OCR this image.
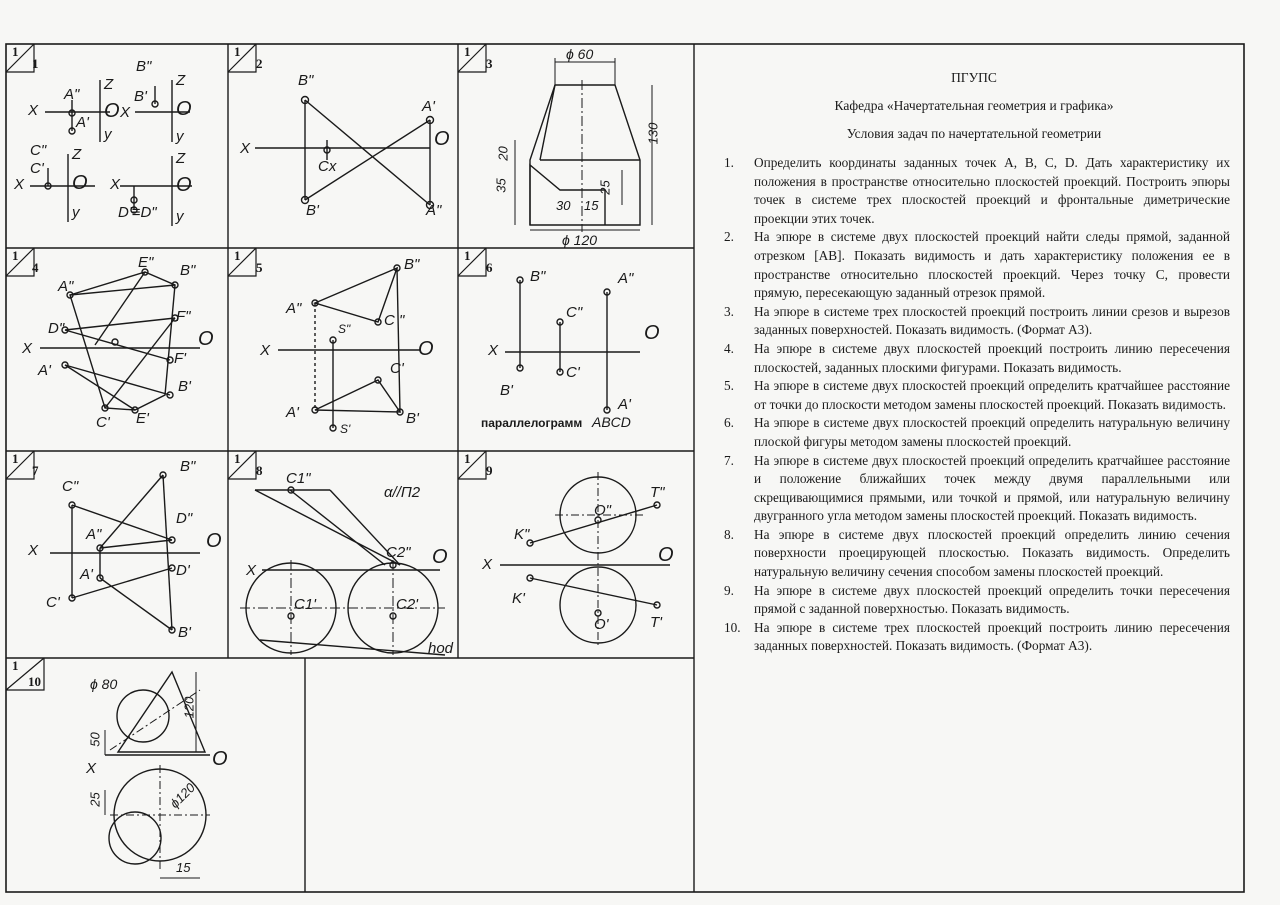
1
1
1
2
1
3
1
4
1
5
1
6
1
7
1
8
1
9
1
10
X
Z
y
O
A"
A'
B"
B'
X
Z
O
y
C"
C'
X
Z
O
y
X
Z
O
y
D'≡D"
B"
B'
A'
A"
X	O
Cx
ϕ 60
ϕ 120
130
35
20
25
30 15
A"
E" B"
D"
F"
X	O
A'
F'
B'
C' E'
B"
A"
C "
S"
X	O
C'
A'
S'
B'
B"
C"
A"
X
O
B'
C'
A'
параллелограмм ABCD
C"
B"
A"
D"
X	O
A'	D'
C'
B'
C1"
α//П2
C2"
X
O
C1'	C2'
hod
T"
O"
K"
X	O
K'
O'	T'
ϕ 80
120
50
X	O
25	ϕ120
15

ПГУПС

Кафедра «Начертательная геометрия и графика»

Условия задач по начертательной геометрии

1. Определить координаты заданных точек A, B, C, D. Дать характеристику их положения в пространстве относительно плоскостей проекций. Построить эпюры точек в системе трех плоскостей проекций и фронтальные диметрические проекции этих точек.
2. На эпюре в системе двух плоскостей проекций найти следы прямой, заданной отрезком [AB]. Показать видимость и дать характеристику положения ее в пространстве относительно плоскостей проекций. Через точку C, провести прямую, пересекающую заданный отрезок прямой.
3. На эпюре в системе трех плоскостей проекций построить линии срезов и вырезов заданных поверхностей. Показать видимость. (Формат А3).
4. На эпюре в системе двух плоскостей проекций построить линию пересечения плоскостей, заданных плоскими фигурами. Показать видимость.
5. На эпюре в системе двух плоскостей проекций определить кратчайшее расстояние от точки до плоскости методом замены плоскостей проекций. Показать видимость.
6. На эпюре в системе двух плоскостей проекций определить натуральную величину плоской фигуры методом замены плоскостей проекций.
7. На эпюре в системе двух плоскостей проекций определить кратчайшее расстояние и положение ближайших точек между двумя параллельными или скрещивающимися прямыми, или точкой и прямой, или натуральную величину двугранного угла методом замены плоскостей проекций. Показать видимость.
8. На эпюре в системе двух плоскостей проекций определить линию сечения поверхности проецирующей плоскостью. Показать видимость. Определить натуральную величину сечения способом замены плоскостей проекций.
9. На эпюре в системе двух плоскостей проекций определить точки пересечения прямой с заданной поверхностью. Показать видимость.
10. На эпюре в системе трех плоскостей проекций построить линию пересечения заданных поверхностей. Показать видимость. (Формат А3).
